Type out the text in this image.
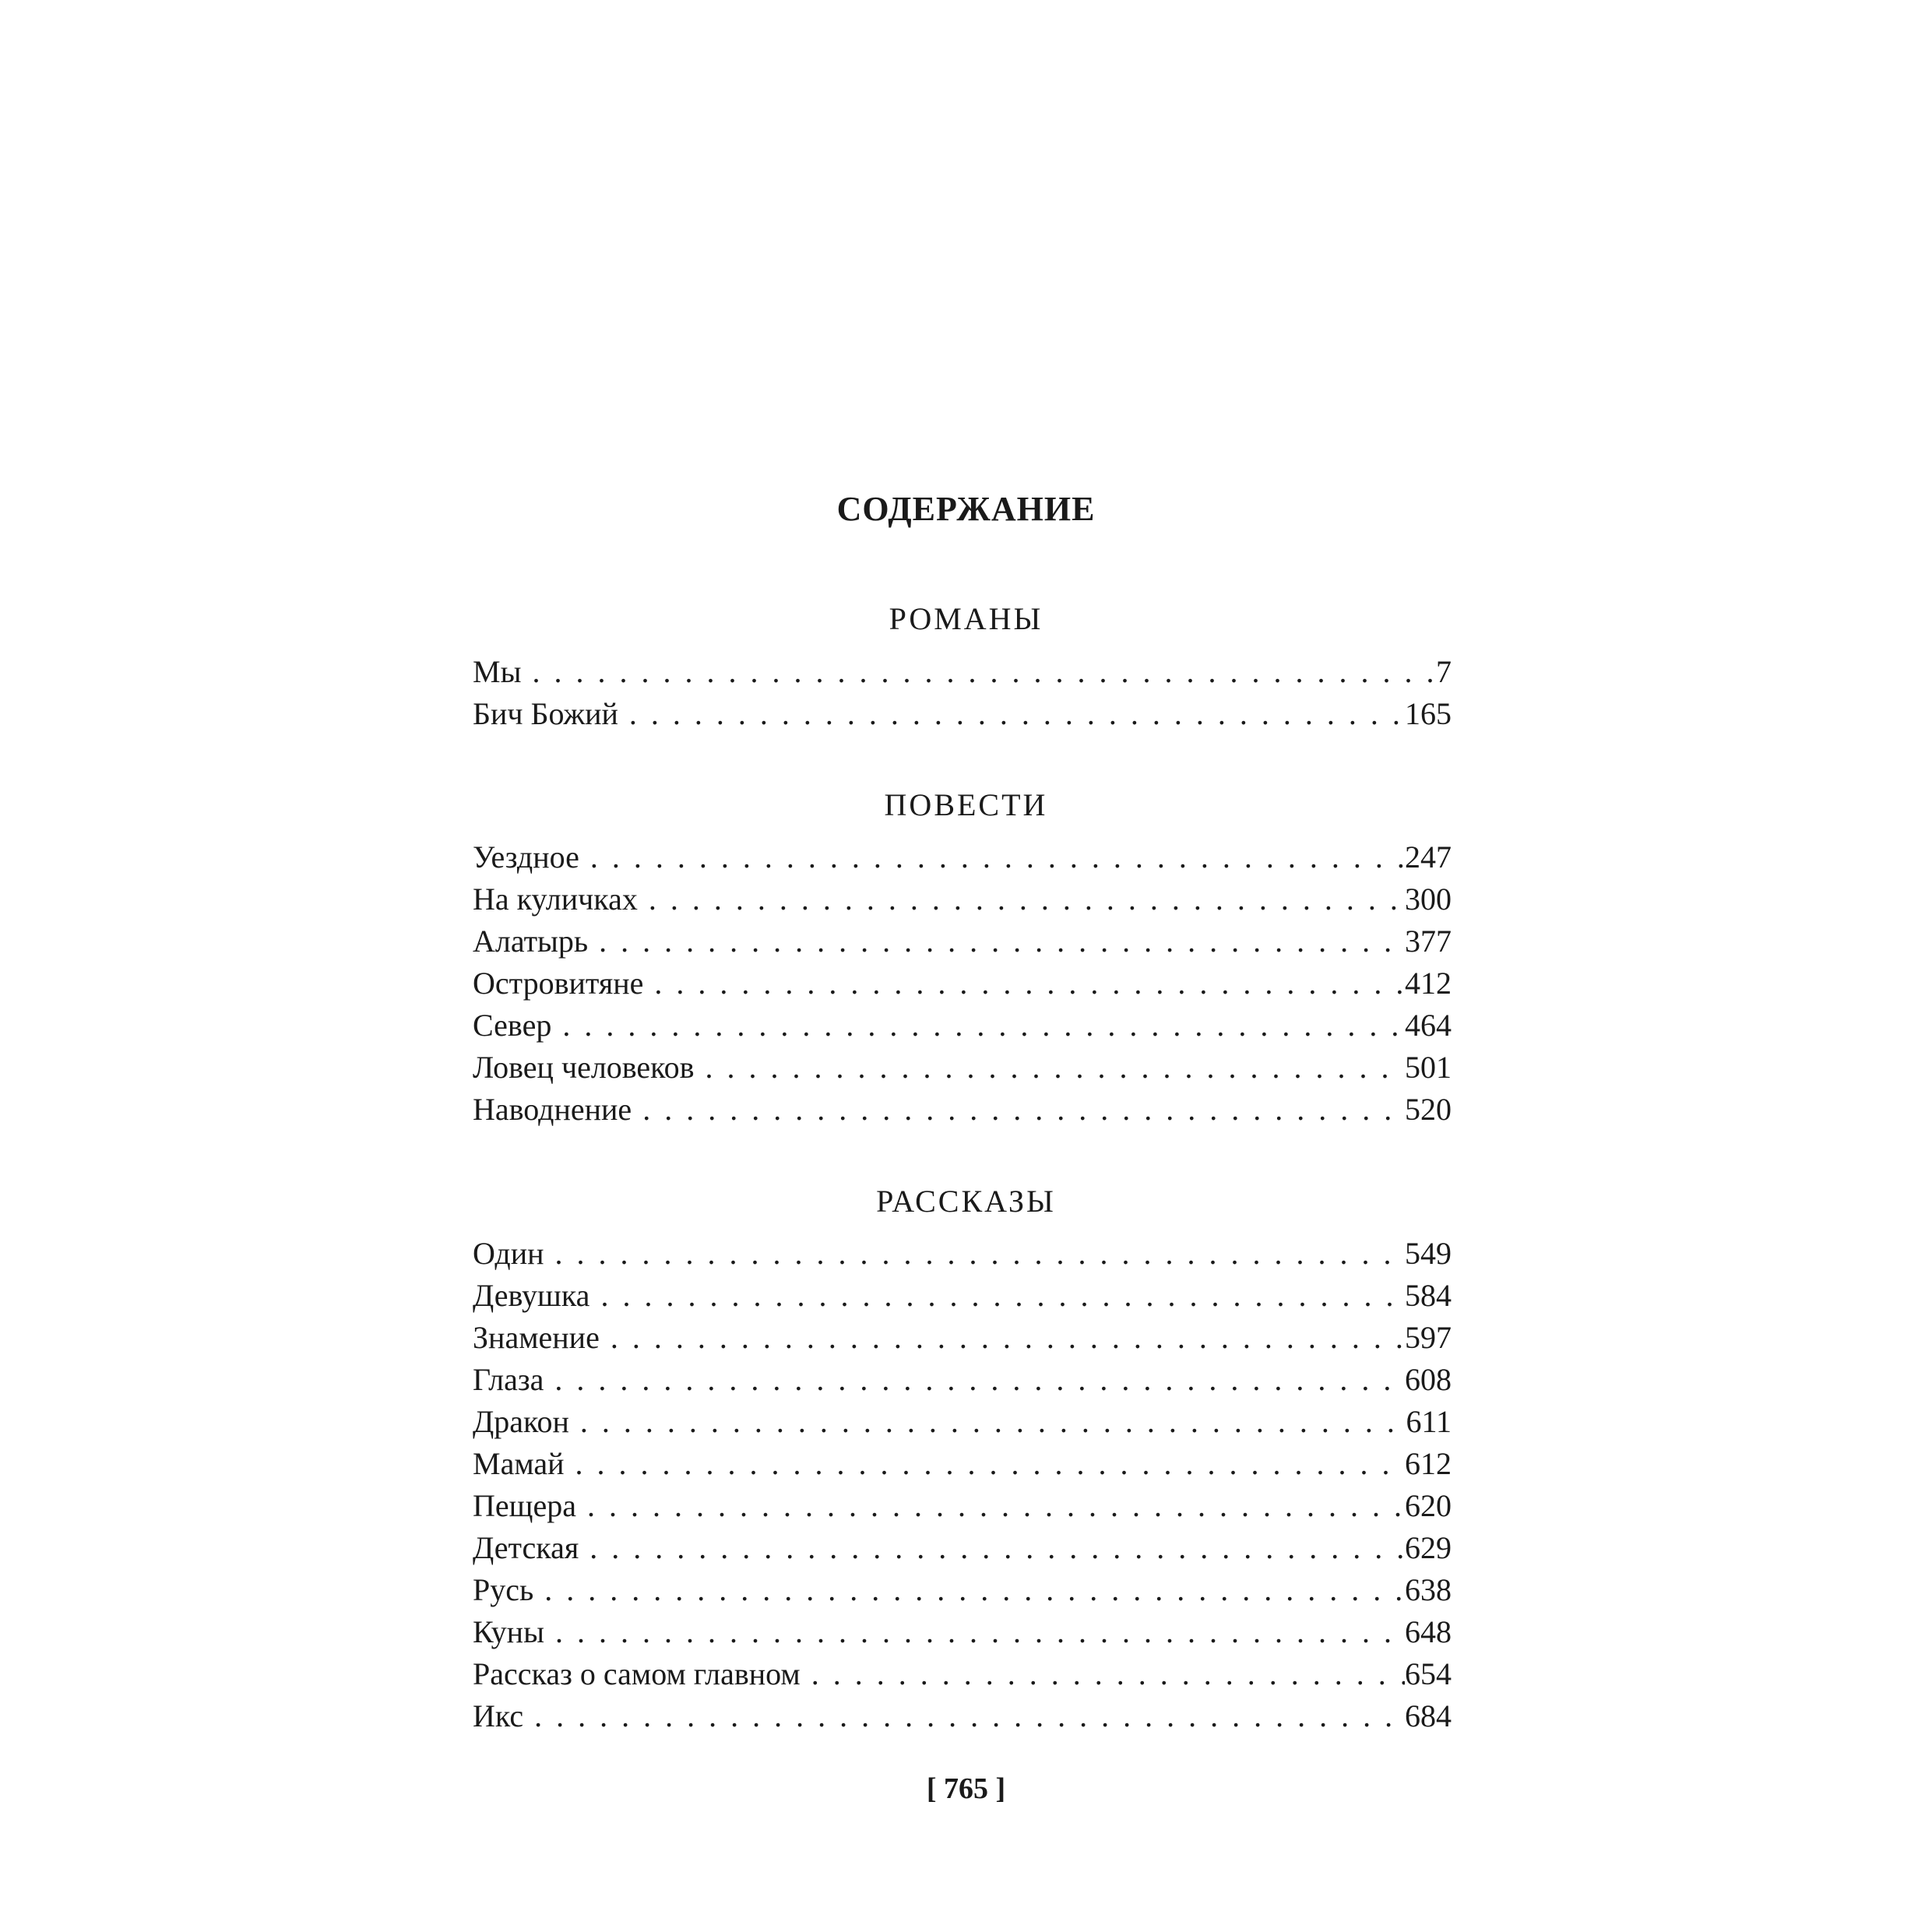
СОДЕРЖАНИЕ
РОМАНЫ
Мы . . .	7
Бич Божий . . .	165
ПОВЕСТИ
Уездное . . .	247
На куличках . . .	300
Алатырь . . .	377
Островитяне . . .	412
Север . . .	464
Ловец человеков . . .	501
Наводнение . . .	520
РАССКАЗЫ
Один . . .	549
Девушка . . .	584
Знамение . . .	597
Глаза . . .	608
Дракон . . .	611
Мамай . . .	612
Пещера . . .	620
Детская . . .	629
Русь . . .	638
Куны . . .	648
Рассказ о самом главном . . .	654
Икс . . .	684
[ 765 ]
